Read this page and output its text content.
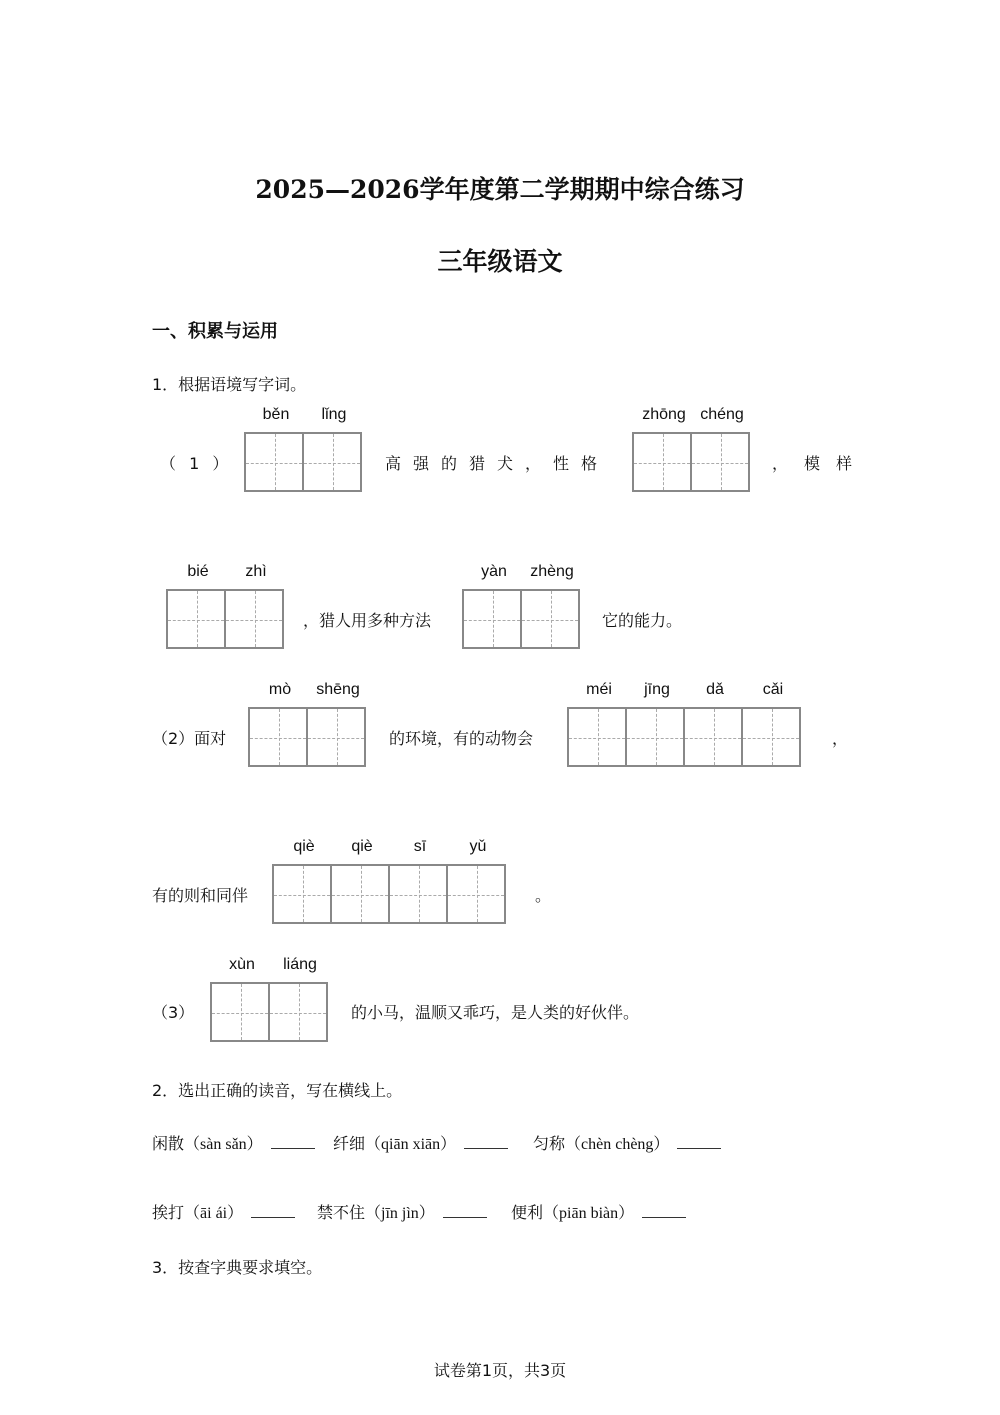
2025—2026学年度第二学期期中综合练习
三年级语文
一、积累与运用
1．根据语境写字词。
（ 1 ）
běn	lǐng
高强的猎犬，性格
zhōng chéng
，模样
bié	zhì
，猎人用多种方法
yàn	zhèng
它的能力。
（2）面对
mò	shēng
的环境，有的动物会
méi	jīng	dǎ	cǎi
，
有的则和同伴
qiè	qiè	sī	yǔ
。
（3）
xùn	liáng
的小马，温顺又乖巧，是人类的好伙伴。
2．选出正确的读音，写在横线上。
闲散（sàn sǎn）	纤细（qiān xiān）	匀称（chèn chèng）
挨打（āi ái）	禁不住（jīn jìn）	便利（piān biàn）
3．按查字典要求填空。
试卷第1页，共3页
